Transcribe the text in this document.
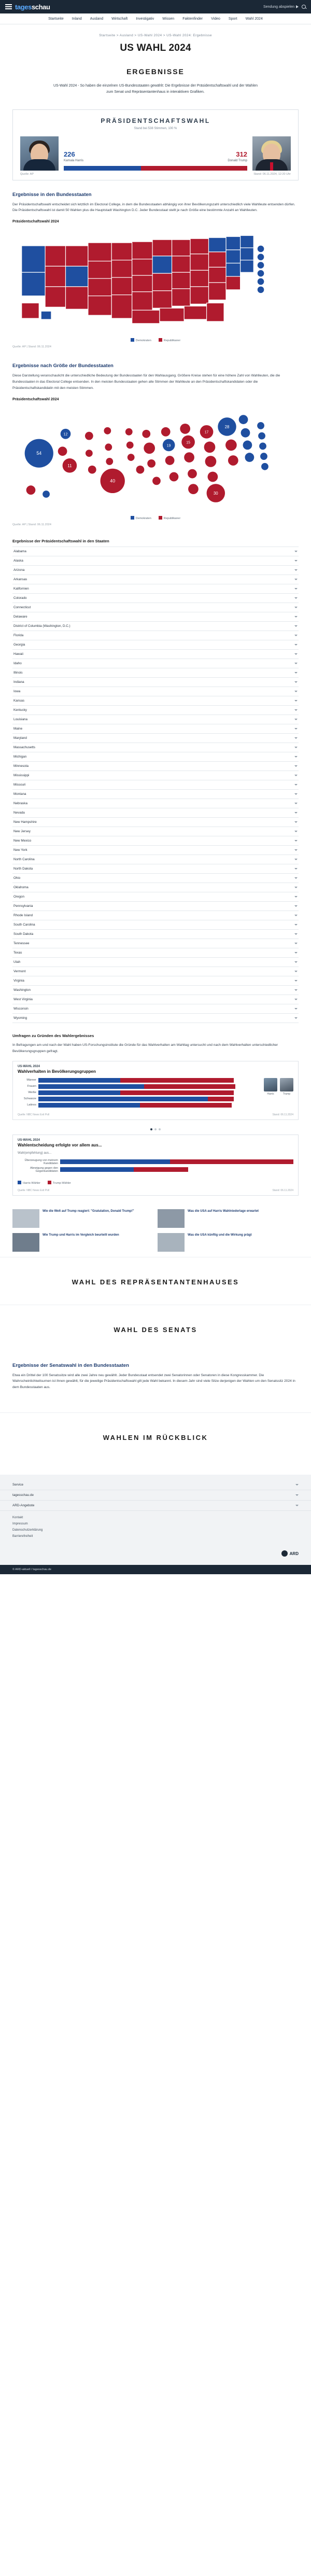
tagesschau	Sendung abspielen
Startseite Inland Ausland Wirtschaft Investigativ Wissen Faktenfinder Video Sport Wahl 2024
Startseite > Ausland > US-Wahl 2024 > US-Wahl 2024: Ergebnisse
US WAHL 2024
ERGEBNISSE

US-Wahl 2024 - So haben die einzelnen US-Bundesstaaten gewählt: Die Ergebnisse der Präsidentschaftswahl und der Wahlen zum Senat und Repräsentantenhaus in interaktiven Grafiken.

PRÄSIDENTSCHAFTSWAHL
Stand bei 538 Stimmen, 100 %
226	312
Kamala Harris	Donald Trump
Quelle: AP	Stand: 06.11.2024, 12:20 Uhr
Ergebnisse in den Bundesstaaten

Der Präsidentschaftswahl entscheidet sich letztlich im Electoral College, in dem die Bundesstaaten abhängig von ihrer Bevölkerungszahl unterschiedlich viele Wahlleute entsenden dürfen. Die Präsidentschaftswahl ist damit 50 Wahlen plus die Hauptstadt Washington D.C. Jeder Bundesstaat stellt je nach Größe eine bestimmte Anzahl an Wahlleuten.

Präsidentschaftswahl 2024
Demokraten	Republikaner
Quelle: AP | Stand: 06.11.2024
Ergebnisse nach Größe der Bundesstaaten

Diese Darstellung veranschaulicht die unterschiedliche Bedeutung der Bundesstaaten für den Wahlausgang. Größere Kreise stehen für eine höhere Zahl von Wahlleuten, die die Bundesstaaten in das Electoral College entsenden. In den meisten Bundesstaaten gehen alle Stimmen der Wahlleute an den Präsidentschaftskandidaten oder die Präsidentschaftskandidatin mit den meisten Stimmen.

Präsidentschaftswahl 2024
54
12
11
40
19
15
17
30
28
Demokraten	Republikaner
Quelle: AP | Stand: 06.11.2024
Ergebnisse der Präsidentschaftswahl in den Staaten
Alabama
Alaska
Arizona
Arkansas
Kalifornien
Colorado
Connecticut
Delaware
District of Columbia (Washington, D.C.)
Florida
Georgia
Hawaii
Idaho
Illinois
Indiana
Iowa
Kansas
Kentucky
Louisiana
Maine
Maryland
Massachusetts
Michigan
Minnesota
Mississippi
Missouri
Montana
Nebraska
Nevada
New Hampshire
New Jersey
New Mexico
New York
North Carolina
North Dakota
Ohio
Oklahoma
Oregon
Pennsylvania
Rhode Island
South Carolina
South Dakota
Tennessee
Texas
Utah
Vermont
Virginia
Washington
West Virginia
Wisconsin
Wyoming
Umfragen zu Gründen des Wahlergebnisses

In Befragungen am und nach der Wahl haben US-Forschungsinstitute die Gründe für das Wahlverhalten am Wahltag untersucht und nach dem Wahlverhalten unterschiedlicher Bevölkerungsgruppen gefragt.

US-WAHL 2024
Wahlverhalten in Bevölkerungsgruppen
Männer
Frauen
Weiße
Schwarze
Latinos
51	46
Harris	Trump
Quelle: NBC News Exit Poll	Stand: 06.11.2024
US-WAHL 2024
Wahlentscheidung erfolgte vor allem aus...
Wahl(empfehlung) aus...
Überzeugung von meinem Kandidaten
63	71
Abneigung gegen den Gegenkandidaten
35	26
Harris-Wähler	Trump-Wähler
Quelle: NBC News Exit Poll	Stand: 06.11.2024
Wie die Welt auf Trump reagiert: "Gratulation, Donald Trump!"
Wie Trump und Harris im Vergleich beurteilt wurden
Was die USA auf Harris Wahlniederlage erwartet
Was die USA künftig und die Wirkung prägt
WAHL DES REPRÄSENTANTENHAUSES
WAHL DES SENATS
Ergebnisse der Senatswahl in den Bundesstaaten

Etwa ein Drittel der 100 Senatssitze wird alle zwei Jahre neu gewählt. Jeder Bundesstaat entsendet zwei Senatorinnen oder Senatoren in diese Kongresskammer. Die Wahrscheinlichkeitsurnen ist ihnen gewählt, für die jeweilige Präsidentschaftswahl gilt jede Wahl bekannt. In diesem Jahr sind viele Sitze derjenigen der Wahlen um den Senatssitz 2024 in dem Bundesstaaten aus.

WAHLEN IM RÜCKBLICK
Service
tagesschau.de
ARD-Angebote
Kontakt
Impressum
Datenschutzerklärung
Barrierefreiheit
ARD
© ARD-aktuell / tagesschau.de
